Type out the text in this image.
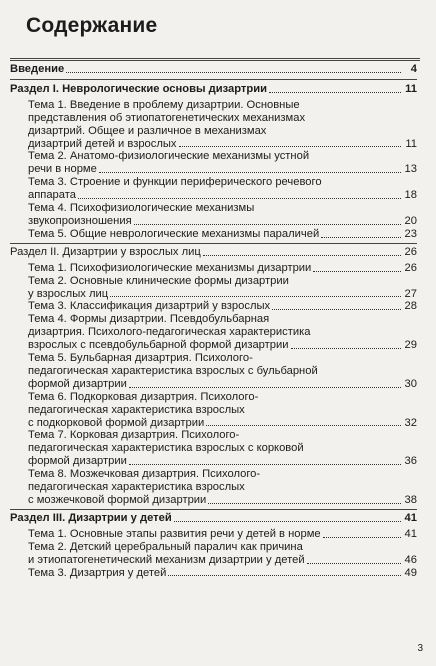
Содержание
Введение	4
Раздел I. Неврологические основы дизартрии	11
Тема 1. Введение в проблему дизартрии. Основные
представления об этиопатогенетических механизмах
дизартрий. Общее и различное в механизмах
дизартрий детей и взрослых	11
Тема 2. Анатомо-физиологические механизмы устной
речи в норме	13
Тема 3. Строение и функции периферического речевого
аппарата	18
Тема 4. Психофизиологические механизмы
звукопроизношения	20
Тема 5. Общие неврологические механизмы параличей	23
Раздел II. Дизартрии у взрослых лиц	26
Тема 1. Психофизиологические механизмы дизартрии	26
Тема 2. Основные клинические формы дизартрии
у взрослых лиц	27
Тема 3. Классификация дизартрий у взрослых	28
Тема 4. Формы дизартрии. Псевдобульбарная
дизартрия. Психолого-педагогическая характеристика
взрослых с псевдобульбарной формой дизартрии	29
Тема 5. Бульбарная дизартрия. Психолого-
педагогическая характеристика взрослых с бульбарной
формой дизартрии	30
Тема 6. Подкорковая дизартрия. Психолого-
педагогическая характеристика взрослых
с подкорковой формой дизартрии	32
Тема 7. Корковая дизартрия. Психолого-
педагогическая характеристика взрослых с корковой
формой дизартрии	36
Тема 8. Мозжечковая дизартрия. Психолого-
педагогическая характеристика взрослых
с мозжечковой формой дизартрии	38
Раздел III. Дизартрии у детей	41
Тема 1. Основные этапы развития речи у детей в норме	41
Тема 2. Детский церебральный паралич как причина
и этиопатогенетический механизм дизартрии у детей	46
Тема 3. Дизартрия у детей	49
3
